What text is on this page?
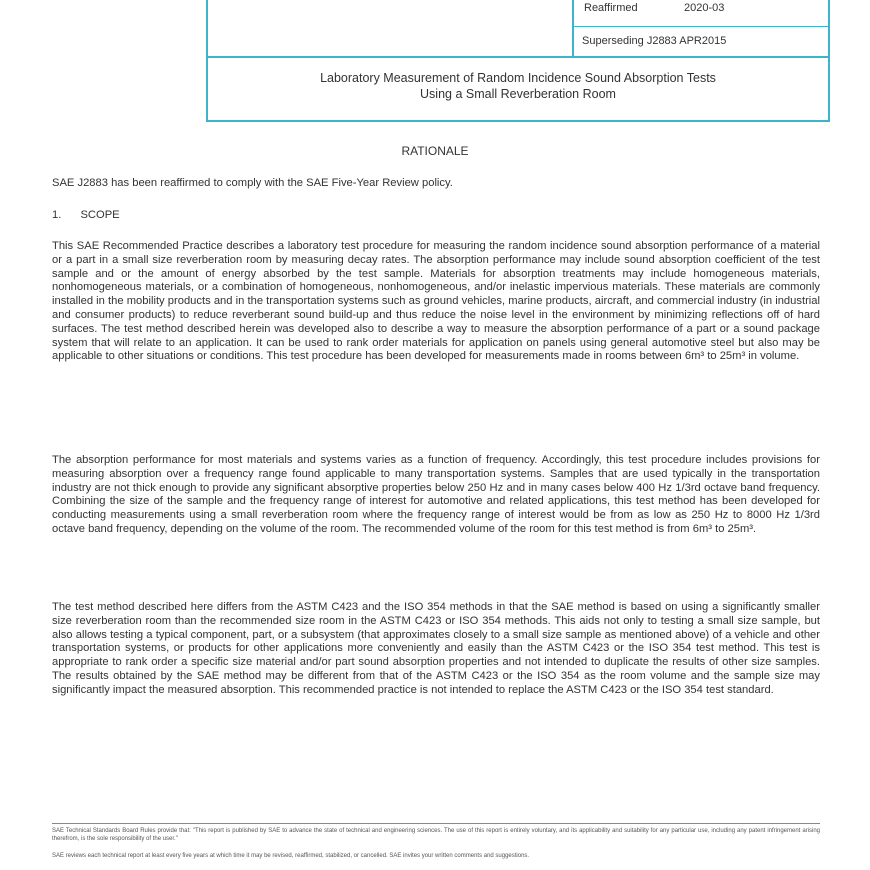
Reaffirmed	2020-03
Superseding J2883 APR2015
Laboratory Measurement of Random Incidence Sound Absorption Tests
Using a Small Reverberation Room
RATIONALE
SAE J2883 has been reaffirmed to comply with the SAE Five-Year Review policy.
1. SCOPE
This SAE Recommended Practice describes a laboratory test procedure for measuring the random incidence sound absorption performance of a material or a part in a small size reverberation room by measuring decay rates. The absorption performance may include sound absorption coefficient of the test sample and or the amount of energy absorbed by the test sample. Materials for absorption treatments may include homogeneous materials, nonhomogeneous materials, or a combination of homogeneous, nonhomogeneous, and/or inelastic impervious materials. These materials are commonly installed in the mobility products and in the transportation systems such as ground vehicles, marine products, aircraft, and commercial industry (in industrial and consumer products) to reduce reverberant sound build-up and thus reduce the noise level in the environment by minimizing reflections off of hard surfaces. The test method described herein was developed also to describe a way to measure the absorption performance of a part or a sound package system that will relate to an application. It can be used to rank order materials for application on panels using general automotive steel but also may be applicable to other situations or conditions. This test procedure has been developed for measurements made in rooms between 6m³ to 25m³ in volume.
The absorption performance for most materials and systems varies as a function of frequency. Accordingly, this test procedure includes provisions for measuring absorption over a frequency range found applicable to many transportation systems. Samples that are used typically in the transportation industry are not thick enough to provide any significant absorptive properties below 250 Hz and in many cases below 400 Hz 1/3rd octave band frequency. Combining the size of the sample and the frequency range of interest for automotive and related applications, this test method has been developed for conducting measurements using a small reverberation room where the frequency range of interest would be from as low as 250 Hz to 8000 Hz 1/3rd octave band frequency, depending on the volume of the room. The recommended volume of the room for this test method is from 6m³ to 25m³.
The test method described here differs from the ASTM C423 and the ISO 354 methods in that the SAE method is based on using a significantly smaller size reverberation room than the recommended size room in the ASTM C423 or ISO 354 methods. This aids not only to testing a small size sample, but also allows testing a typical component, part, or a subsystem (that approximates closely to a small size sample as mentioned above) of a vehicle and other transportation systems, or products for other applications more conveniently and easily than the ASTM C423 or the ISO 354 test method. This test is appropriate to rank order a specific size material and/or part sound absorption properties and not intended to duplicate the results of other size samples. The results obtained by the SAE method may be different from that of the ASTM C423 or the ISO 354 as the room volume and the sample size may significantly impact the measured absorption. This recommended practice is not intended to replace the ASTM C423 or the ISO 354 test standard.
SAE Technical Standards Board Rules provide that: "This report is published by SAE to advance the state of technical and engineering sciences. The use of this report is entirely voluntary, and its applicability and suitability for any particular use, including any patent infringement arising therefrom, is the sole responsibility of the user."
SAE reviews each technical report at least every five years at which time it may be revised, reaffirmed, stabilized, or cancelled. SAE invites your written comments and suggestions.
